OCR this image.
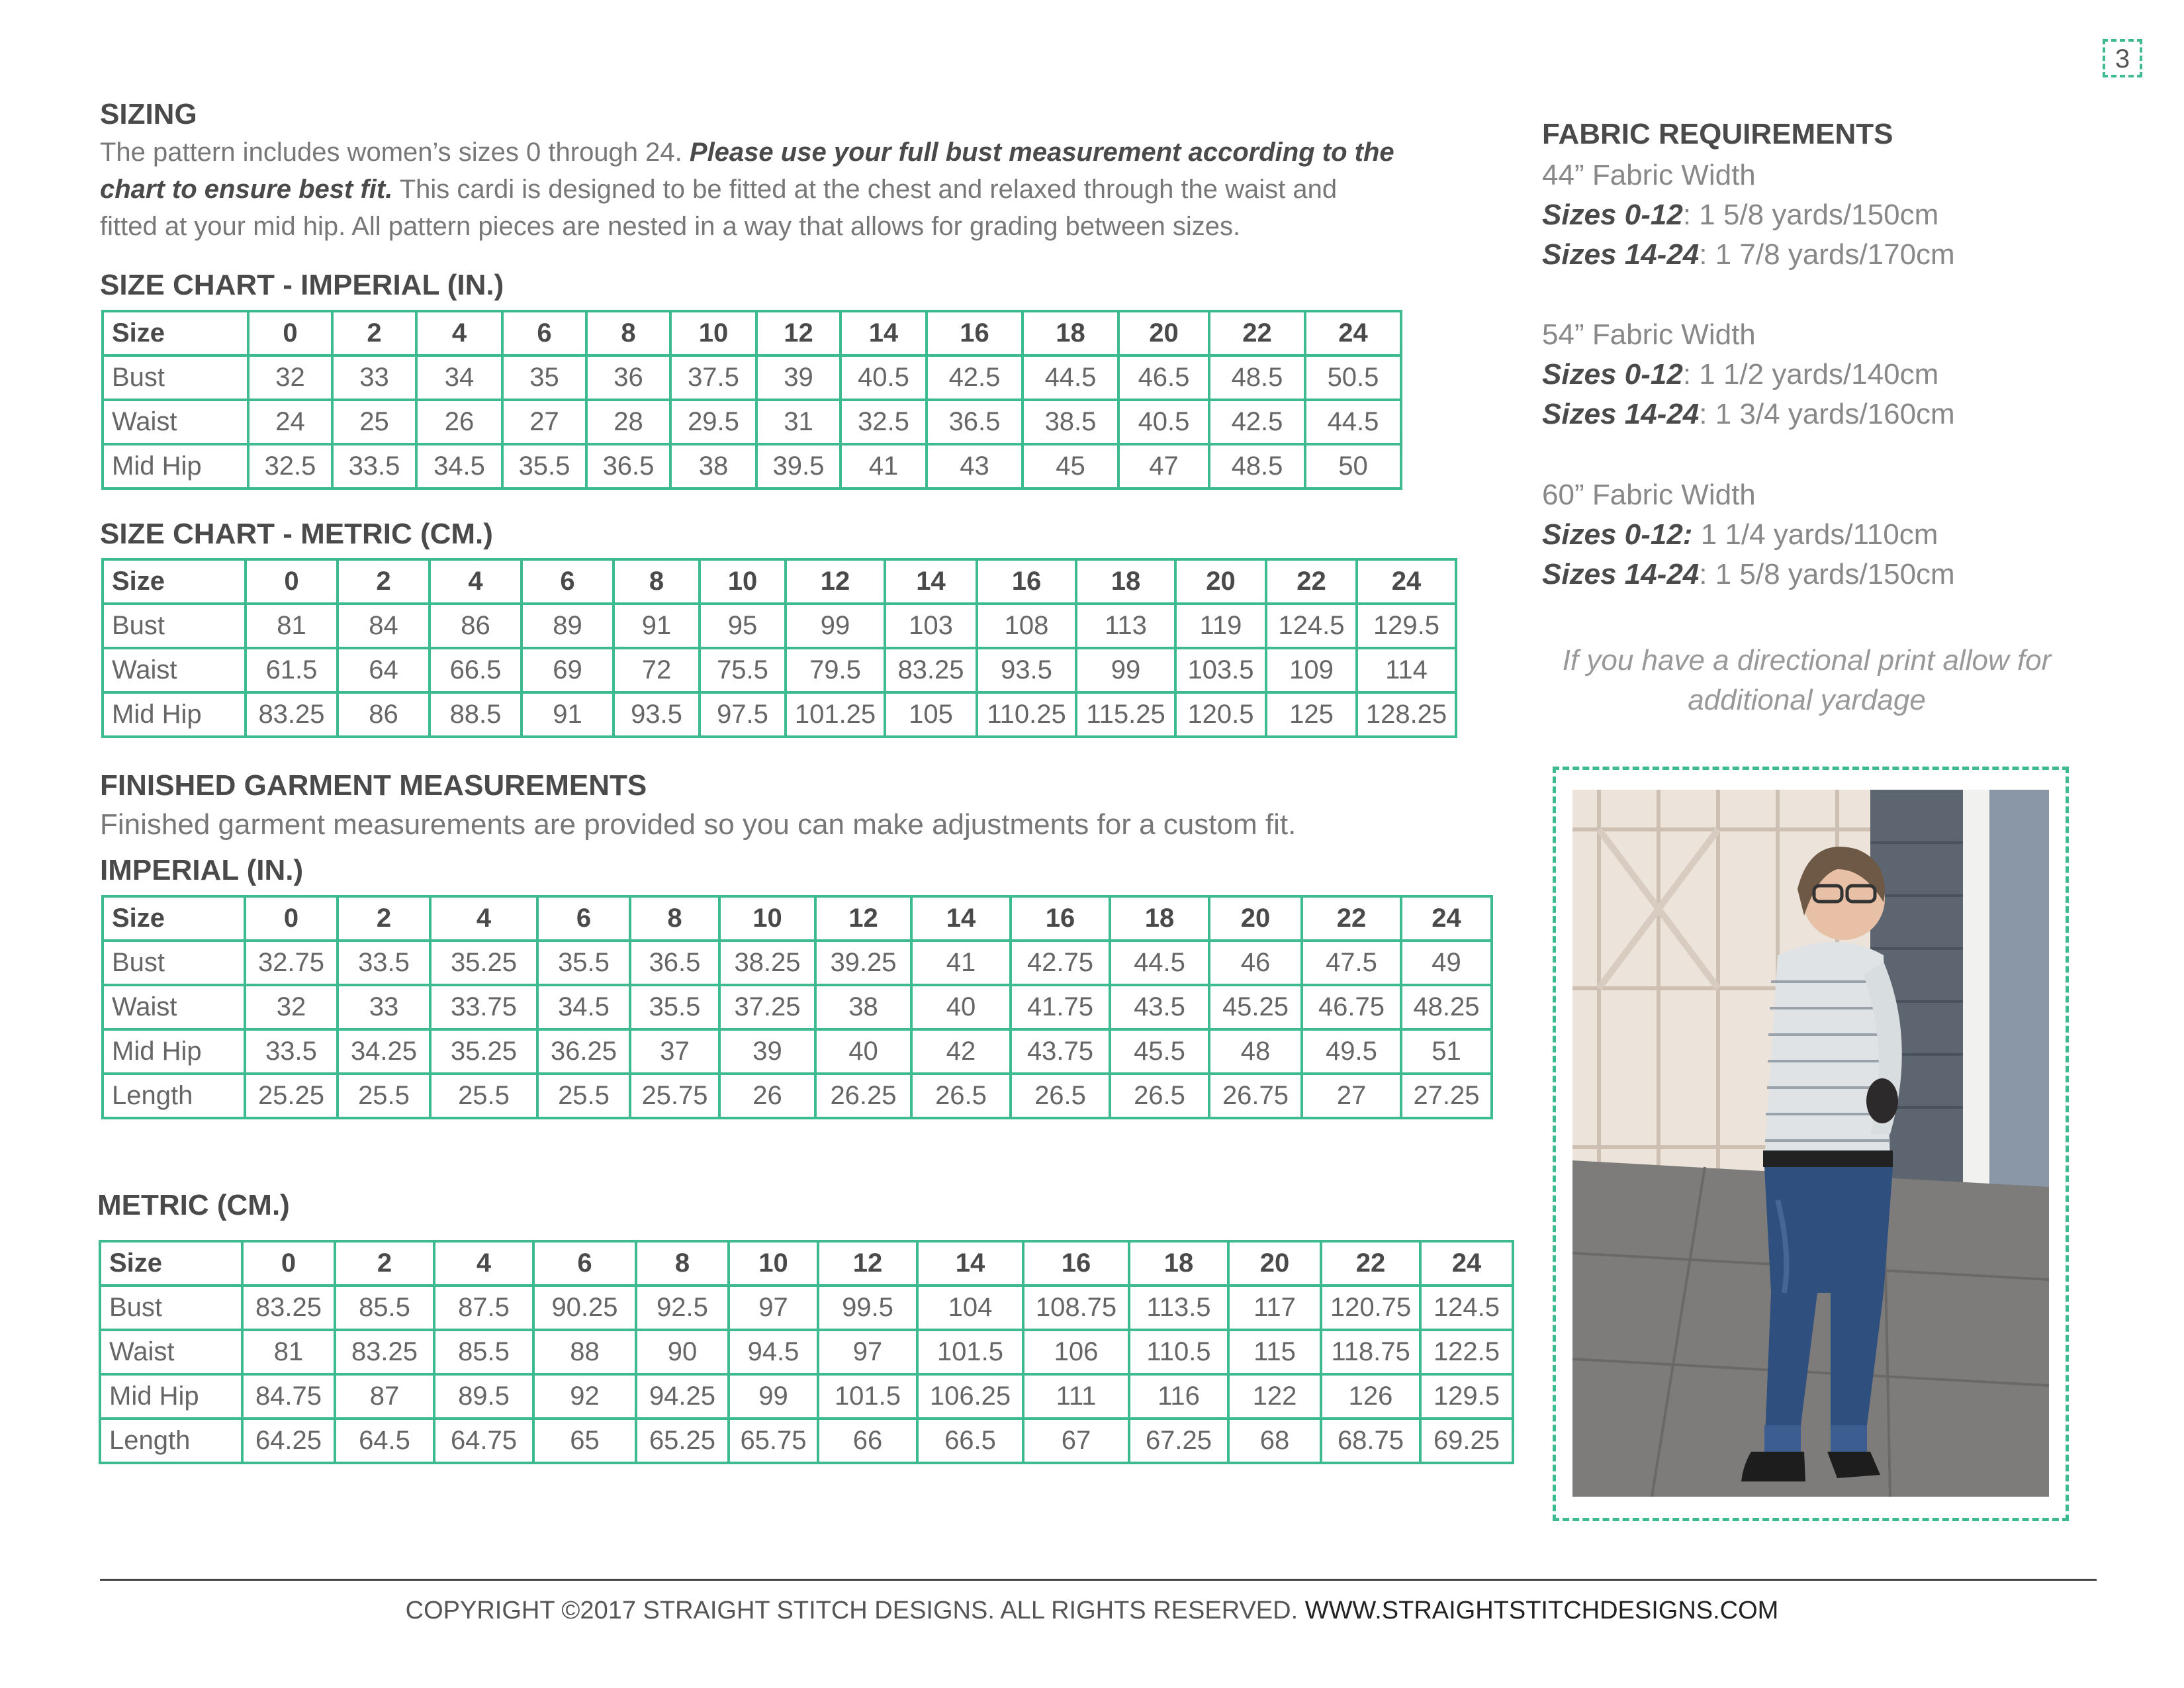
3
SIZING
The pattern includes women’s sizes 0 through 24. Please use your full bust measurement according to the
chart to ensure best fit. This cardi is designed to be fitted at the chest and relaxed through the waist and
fitted at your mid hip. All pattern pieces are nested in a way that allows for grading between sizes.
SIZE CHART - IMPERIAL (IN.)
Size	0	2	4	6	8	10	12	14	16	18	20	22	24
Bust	32	33	34	35	36	37.5	39	40.5	42.5	44.5	46.5	48.5	50.5
Waist	24	25	26	27	28	29.5	31	32.5	36.5	38.5	40.5	42.5	44.5
Mid Hip	32.5	33.5	34.5	35.5	36.5	38	39.5	41	43	45	47	48.5	50
SIZE CHART - METRIC (CM.)
Size	0	2	4	6	8	10	12	14	16	18	20	22	24
Bust	81	84	86	89	91	95	99	103	108	113	119	124.5	129.5
Waist	61.5	64	66.5	69	72	75.5	79.5	83.25	93.5	99	103.5	109	114
Mid Hip	83.25	86	88.5	91	93.5	97.5	101.25	105	110.25	115.25	120.5	125	128.25
FINISHED GARMENT MEASUREMENTS
Finished garment measurements are provided so you can make adjustments for a custom fit.
IMPERIAL (IN.)
Size	0	2	4	6	8	10	12	14	16	18	20	22	24
Bust	32.75	33.5	35.25	35.5	36.5	38.25	39.25	41	42.75	44.5	46	47.5	49
Waist	32	33	33.75	34.5	35.5	37.25	38	40	41.75	43.5	45.25	46.75	48.25
Mid Hip	33.5	34.25	35.25	36.25	37	39	40	42	43.75	45.5	48	49.5	51
Length	25.25	25.5	25.5	25.5	25.75	26	26.25	26.5	26.5	26.5	26.75	27	27.25
METRIC (CM.)
Size	0	2	4	6	8	10	12	14	16	18	20	22	24
Bust	83.25	85.5	87.5	90.25	92.5	97	99.5	104	108.75	113.5	117	120.75	124.5
Waist	81	83.25	85.5	88	90	94.5	97	101.5	106	110.5	115	118.75	122.5
Mid Hip	84.75	87	89.5	92	94.25	99	101.5	106.25	111	116	122	126	129.5
Length	64.25	64.5	64.75	65	65.25	65.75	66	66.5	67	67.25	68	68.75	69.25
FABRIC REQUIREMENTS
44” Fabric Width
Sizes 0-12: 1 5/8 yards/150cm
Sizes 14-24: 1 7/8 yards/170cm
54” Fabric Width
Sizes 0-12: 1 1/2 yards/140cm
Sizes 14-24: 1 3/4 yards/160cm
60” Fabric Width
Sizes 0-12: 1 1/4 yards/110cm
Sizes 14-24: 1 5/8 yards/150cm
If you have a directional print allow for
additional yardage
COPYRIGHT ©2017 STRAIGHT STITCH DESIGNS. ALL RIGHTS RESERVED. WWW.STRAIGHTSTITCHDESIGNS.COM
